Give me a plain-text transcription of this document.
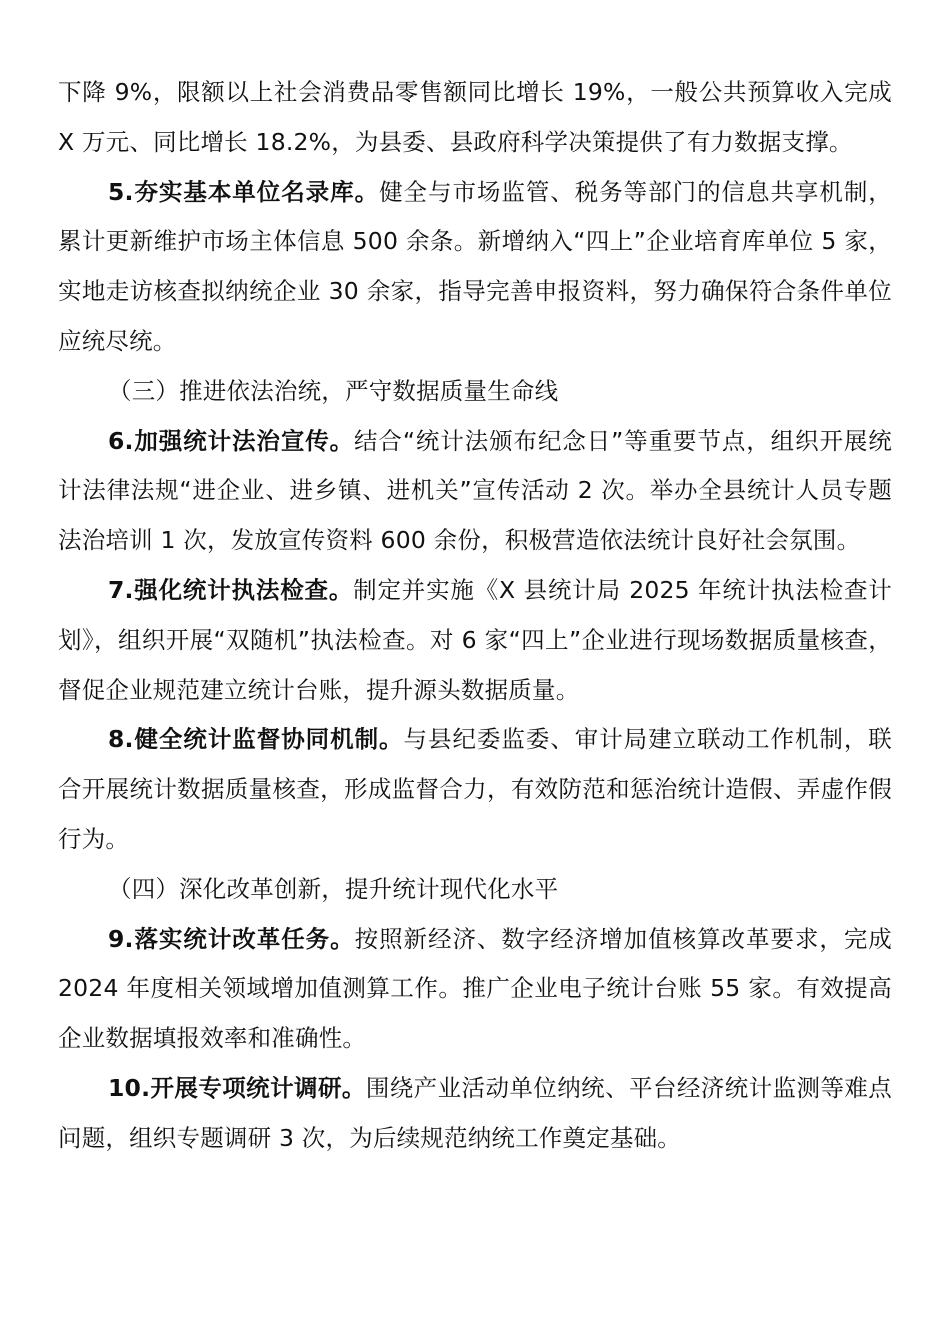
下降 9%，限额以上社会消费品零售额同比增长 19%，一般公共预算收入完成 X 万元、同比增长 18.2%，为县委、县政府科学决策提供了有力数据支撑。

5.夯实基本单位名录库。健全与市场监管、税务等部门的信息共享机制，累计更新维护市场主体信息 500 余条。新增纳入“四上”企业培育库单位 5 家，实地走访核查拟纳统企业 30 余家，指导完善申报资料，努力确保符合条件单位应统尽统。

（三）推进依法治统，严守数据质量生命线

6.加强统计法治宣传。结合“统计法颁布纪念日”等重要节点，组织开展统计法律法规“进企业、进乡镇、进机关”宣传活动 2 次。举办全县统计人员专题法治培训 1 次，发放宣传资料 600 余份，积极营造依法统计良好社会氛围。

7.强化统计执法检查。制定并实施《X 县统计局 2025 年统计执法检查计划》，组织开展“双随机”执法检查。对 6 家“四上”企业进行现场数据质量核查，督促企业规范建立统计台账，提升源头数据质量。

8.健全统计监督协同机制。与县纪委监委、审计局建立联动工作机制，联合开展统计数据质量核查，形成监督合力，有效防范和惩治统计造假、弄虚作假行为。

（四）深化改革创新，提升统计现代化水平

9.落实统计改革任务。按照新经济、数字经济增加值核算改革要求，完成 2024 年度相关领域增加值测算工作。推广企业电子统计台账 55 家。有效提高企业数据填报效率和准确性。

10.开展专项统计调研。围绕产业活动单位纳统、平台经济统计监测等难点问题，组织专题调研 3 次，为后续规范纳统工作奠定基础。
